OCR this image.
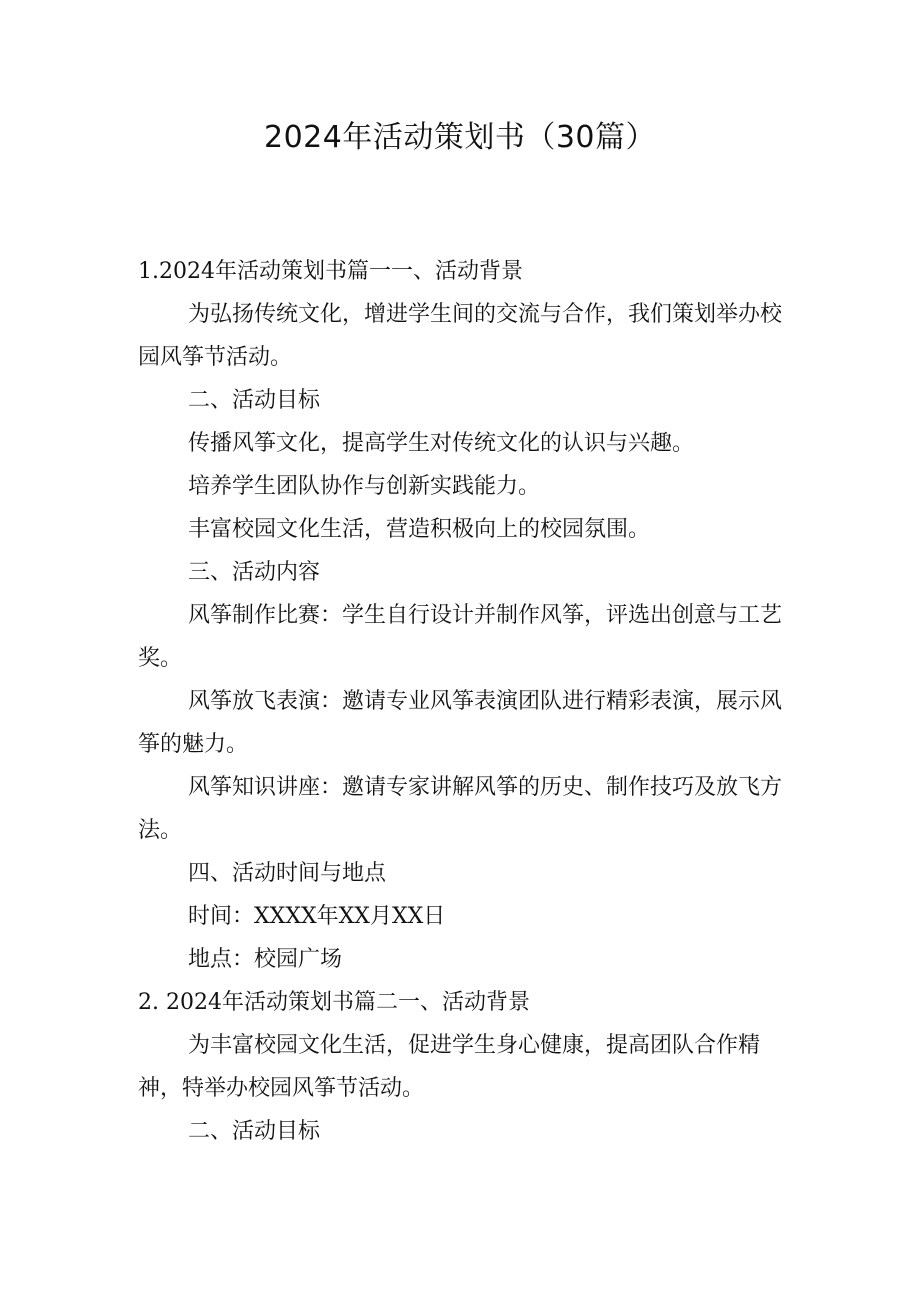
2024年活动策划书（30篇）

1.2024年活动策划书篇一一、活动背景

为弘扬传统文化，增进学生间的交流与合作，我们策划举办校园风筝节活动。

二、活动目标

传播风筝文化，提高学生对传统文化的认识与兴趣。

培养学生团队协作与创新实践能力。

丰富校园文化生活，营造积极向上的校园氛围。

三、活动内容

风筝制作比赛：学生自行设计并制作风筝，评选出创意与工艺奖。

风筝放飞表演：邀请专业风筝表演团队进行精彩表演，展示风筝的魅力。

风筝知识讲座：邀请专家讲解风筝的历史、制作技巧及放飞方法。

四、活动时间与地点

时间：XXXX年XX月XX日

地点：校园广场

2. 2024年活动策划书篇二一、活动背景

为丰富校园文化生活，促进学生身心健康，提高团队合作精神，特举办校园风筝节活动。

二、活动目标
